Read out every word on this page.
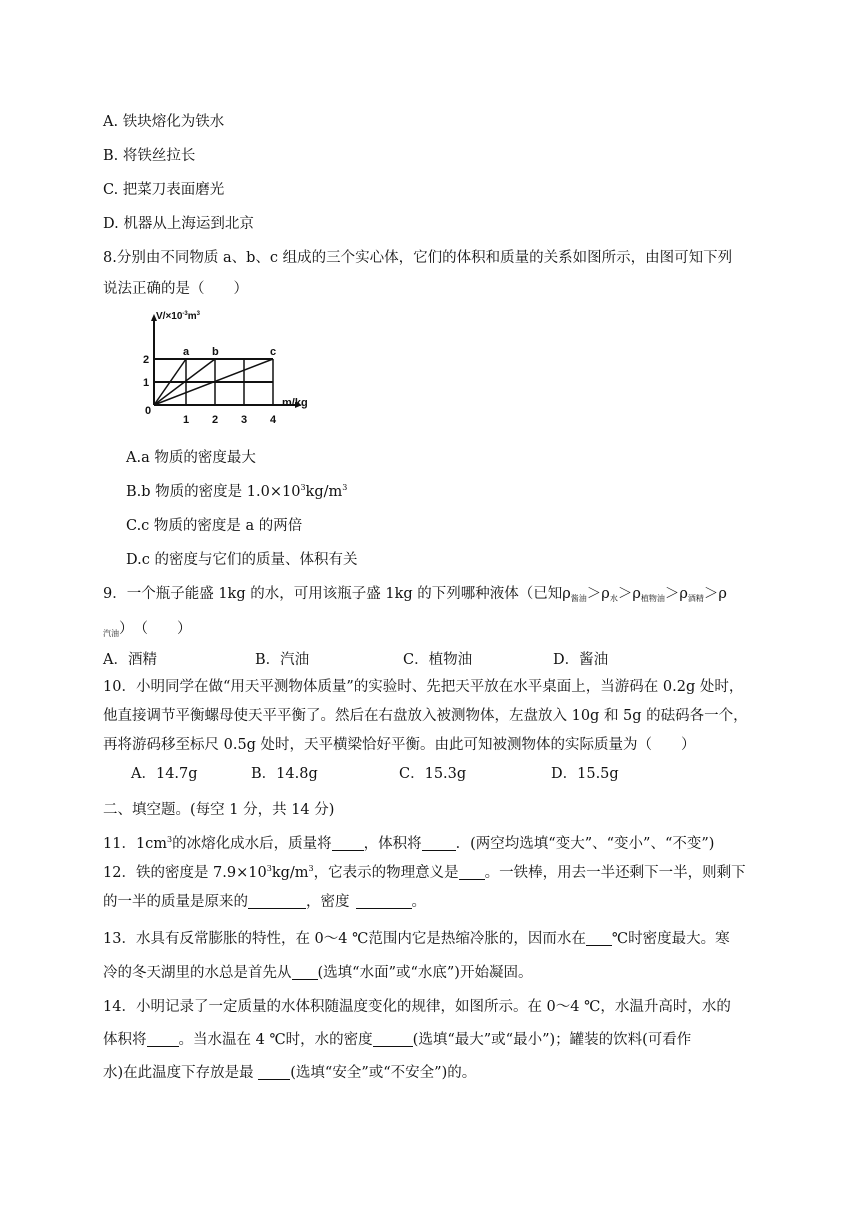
A. 铁块熔化为铁水
B. 将铁丝拉长
C. 把菜刀表面磨光
D. 机器从上海运到北京
8.分别由不同物质 a、b、c 组成的三个实心体，它们的体积和质量的关系如图所示，由图可知下列
说法正确的是（　　）
$V/\times 10^{-3}m^3$
2
1
0
1 2 3 4
m/kg
a b	c
A.a 物质的密度最大
B.b 物质的密度是 $1.0\times 10^3kg/m^3$
C.c 物质的密度是 a 的两倍
D.c 的密度与它们的质量、体积有关
9．一个瓶子能盛 1kg 的水，可用该瓶子盛 1kg 的下列哪种液体（已知$\rho_{酱油}>\rho_水>\rho_{植物油}>\rho_{酒精}>\rho$
$_{汽油}$）　（　　）
A．酒精	B．汽油	C．植物油	D．酱油
10．小明同学在做“用天平测物体质量”的实验时、先把天平放在水平桌面上，当游码在 0.2g 处时，
他直接调节平衡螺母使天平平衡了。然后在右盘放入被测物体，左盘放入 10g 和 5g 的砝码各一个，
再将游码移至标尺 0.5g 处时，天平横梁恰好平衡。由此可知被测物体的实际质量为（　　）
A．14.7g	B．14.8g	C．15.3g	D．15.5g
二、填空题。(每空 1 分，共 14 分)
11．$1cm^3$的冰熔化成水后，质量将 ，体积将 ．(两空均选填“变大”、“变小”、“不变”)
12．铁的密度是 $7.9\times 10^3kg/m^3$，它表示的物理意义是 。一铁棒，用去一半还剩下一半，则剩下
的一半的质量是原来的	，密度	。
13．水具有反常膨胀的特性，在 0～4 ℃范围内它是热缩冷胀的，因而水在 ℃时密度最大。寒
冷的冬天湖里的水总是首先从 (选填“水面”或“水底”)开始凝固。
14．小明记录了一定质量的水体积随温度变化的规律，如图所示。在 0～4 ℃，水温升高时，水的
体积将 。当水温在 4 ℃时，水的密度	(选填“最大”或“最小”)；罐装的饮料(可看作
水)在此温度下存放是最 (选填“安全”或“不安全”)的。
